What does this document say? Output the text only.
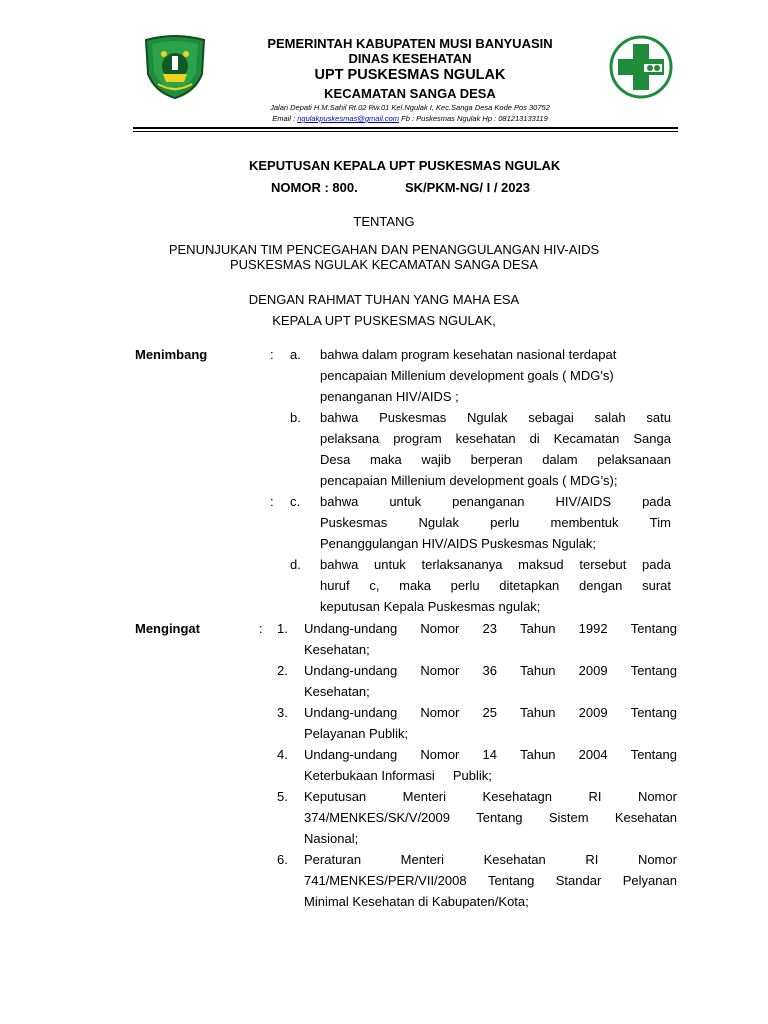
PEMERINTAH KABUPATEN MUSI BANYUASIN
DINAS KESEHATAN
UPT PUSKESMAS NGULAK
KECAMATAN SANGA DESA
Jalan Depati H.M.Sahil Rt.02 Rw.01 Kel.Ngulak I, Kec.Sanga Desa Kode Pos 30752
Email : ngulakpuskesmas@gmail.com Fb : Puskesmas Ngulak Hp : 081213133119
KEPUTUSAN KEPALA UPT PUSKESMAS NGULAK
NOMOR : 800.	SK/PKM-NG/ I / 2023
TENTANG
PENUNJUKAN TIM PENCEGAHAN DAN PENANGGULANGAN HIV-AIDS
PUSKESMAS NGULAK KECAMATAN SANGA DESA
DENGAN RAHMAT TUHAN YANG MAHA ESA
KEPALA UPT PUSKESMAS NGULAK,
Menimbang	:
:
a. bahwa dalam program kesehatan nasional terdapat
pencapaian Millenium development goals ( MDG's)
penanganan HIV/AIDS ;
b. bahwa Puskesmas Ngulak sebagai salah satu
pelaksana program kesehatan di Kecamatan Sanga
Desa maka wajib berperan dalam pelaksanaan
pencapaian Millenium development goals ( MDG’s);
c. bahwa untuk penanganan HIV/AIDS pada
Puskesmas Ngulak perlu membentuk Tim
Penanggulangan HIV/AIDS Puskesmas Ngulak;
d. bahwa untuk terlaksananya maksud tersebut pada
huruf c, maka perlu ditetapkan dengan surat
keputusan Kepala Puskesmas ngulak;
Mengingat	: 1. Undang-undang Nomor 23 Tahun 1992 Tentang
Kesehatan;
2. Undang-undang Nomor 36 Tahun 2009 Tentang
Kesehatan;
3. Undang-undang Nomor 25 Tahun 2009 Tentang
Pelayanan Publik;
4. Undang-undang Nomor 14 Tahun 2004 Tentang
Keterbukaan Informasi     Publik;
5. Keputusan	Menteri	Kesehatagn	RI	Nomor
374/MENKES/SK/V/2009 Tentang Sistem Kesehatan
Nasional;
6. Peraturan	Menteri	Kesehatan	RI	Nomor
741/MENKES/PER/VII/2008 Tentang Standar Pelyanan
Minimal Kesehatan di Kabupaten/Kota;
